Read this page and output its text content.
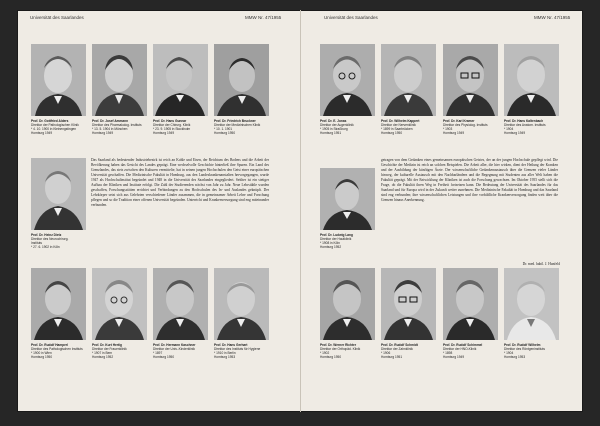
Universität des Saarlandes	MMW Nr. 47/1955	Universität des Saarlandes	MMW Nr. 47/1955
Prof. Dr. Gottfried Alders
Direktor der Pathologischen Klinik
* 4. 10. 1900 in Kleinengstingen
Homburg 1949
Prof. Dr. Josef Ammann
Direktor des Pharmakolog. Instituts
* 13. 5. 1904 in München
Homburg 1949
Prof. Dr. Hans Gunnar
Direktor der Chirurg. Klinik
* 23. 9. 1905 in Stockholm
Homburg 1949
Prof. Dr. Friedrich Bruckner
Direktor der Medizinischen Klinik
* 10. 1. 1901
Homburg 1950
Prof. Dr. Heinz Dietz
Direktor des Neurochirurg.
Instituts
* 27. 6. 1902 in Köln

Das Saarland als bedeutender Industriebezirk ist reich an Kohle und Eisen, der Reichtum des Bodens und die Arbeit der Bevölkerung haben das Gesicht des Landes geprägt. Eine wechselvolle Geschichte hinterließ ihre Spuren. Ein Land des Grenzlandes, das stets zwischen den Kulturen vermittelte, hat in seinen jungen Hochschulen den Geist einer europäischen Universität geschaffen. Die Medizinische Fakultät in Homburg, aus den Landeskrankenanstalten hervorgegangen, wurde 1947 als Hochschulinstitut begründet und 1948 in die Universität des Saarlandes eingegliedert. Seither ist ein stetiger Aufbau der Kliniken und Institute erfolgt. Die Zahl der Studierenden wächst von Jahr zu Jahr. Neue Lehrstühle wurden geschaffen, Forschungsstätten errichtet und Verbindungen zu den Hochschulen des In- und Auslandes geknüpft. Der Lehrkörper setzt sich aus Gelehrten verschiedener Länder zusammen, die in gemeinsamer Arbeit Lehre und Forschung pflegen und so die Tradition einer offenen Universität begründen. Unterricht und Krankenversorgung sind eng miteinander verbunden.

Prof. Dr. Rudolf Hamperl
Direktor des Pathologischen Instituts
* 1900 in Wien
Homburg 1950
Prof. Dr. Kurt Hertig
Direktor der Frauenklinik
* 1907 in Bern
Homburg 1952
Prof. Dr. Hermann Kaschner
Direktor der Univ.-Kinderklinik
* 1897
Homburg 1950
Prof. Dr. Hans Gerhart
Direktor des Instituts für Hygiene
* 1910 in Berlin
Homburg 1953
Prof. Dr. E. Jonas
Direktor der Augenklinik
* 1905 in Straßburg
Homburg 1951
Prof. Dr. Wilhelm Kappert
Direktor der Nervenklinik
* 1899 in Saarbrücken
Homburg 1950
Prof. Dr. Karl Kramer
Direktor des Physiolog. Instituts
* 1903
Homburg 1949
Prof. Dr. Hans Kaltenbach
Direktor des Anatom. Instituts
* 1904
Homburg 1949
Prof. Dr. Ludwig Lang
Direktor der Hautklinik
* 1908 in Köln
Homburg 1952

getragen von dem Gedanken eines gemeinsamen europäischen Geistes, der an der jungen Hochschule gepflegt wird. Die Geschichte der Medizin ist reich an solchen Beispielen. Die Arbeit aller, die hier wirken, dient der Heilung der Kranken und der Ausbildung der künftigen Ärzte. Der wissenschaftliche Gedankenaustausch über die Grenzen vieler Länder hinweg, der kulturelle Austausch mit den Nachbarländern und die Begegnung mit Studenten aus aller Welt haben die Fakultät geprägt. Mit der Entwicklung der Kliniken ist auch die Forschung gewachsen. Im Oktober 1955 stellt sich die Frage, ob die Fakultät ihren Weg in Freiheit fortsetzen kann. Die Bedeutung der Universität des Saarlandes für das Saarland und für Europa wird in der Zukunft weiter zunehmen. Die Medizinische Fakultät in Homburg und das Saarland sind eng verbunden; ihre wissenschaftlichen Leistungen und ihre vorbildliche Krankenversorgung finden weit über die Grenzen hinaus Anerkennung.

Dr. med. habil. J. Hunfeld
Prof. Dr. Werner Richter
Direktor der Orthopäd. Klinik
* 1902
Homburg 1950
Prof. Dr. Rudolf Schmidt
Direktor der Zahnklinik
* 1906
Homburg 1951
Prof. Dr. Rudolf Schimmel
Direktor der HNO-Klinik
* 1898
Homburg 1949
Prof. Dr. Rudolf Wilhelm
Direktor des Röntgeninstituts
* 1904
Homburg 1953
